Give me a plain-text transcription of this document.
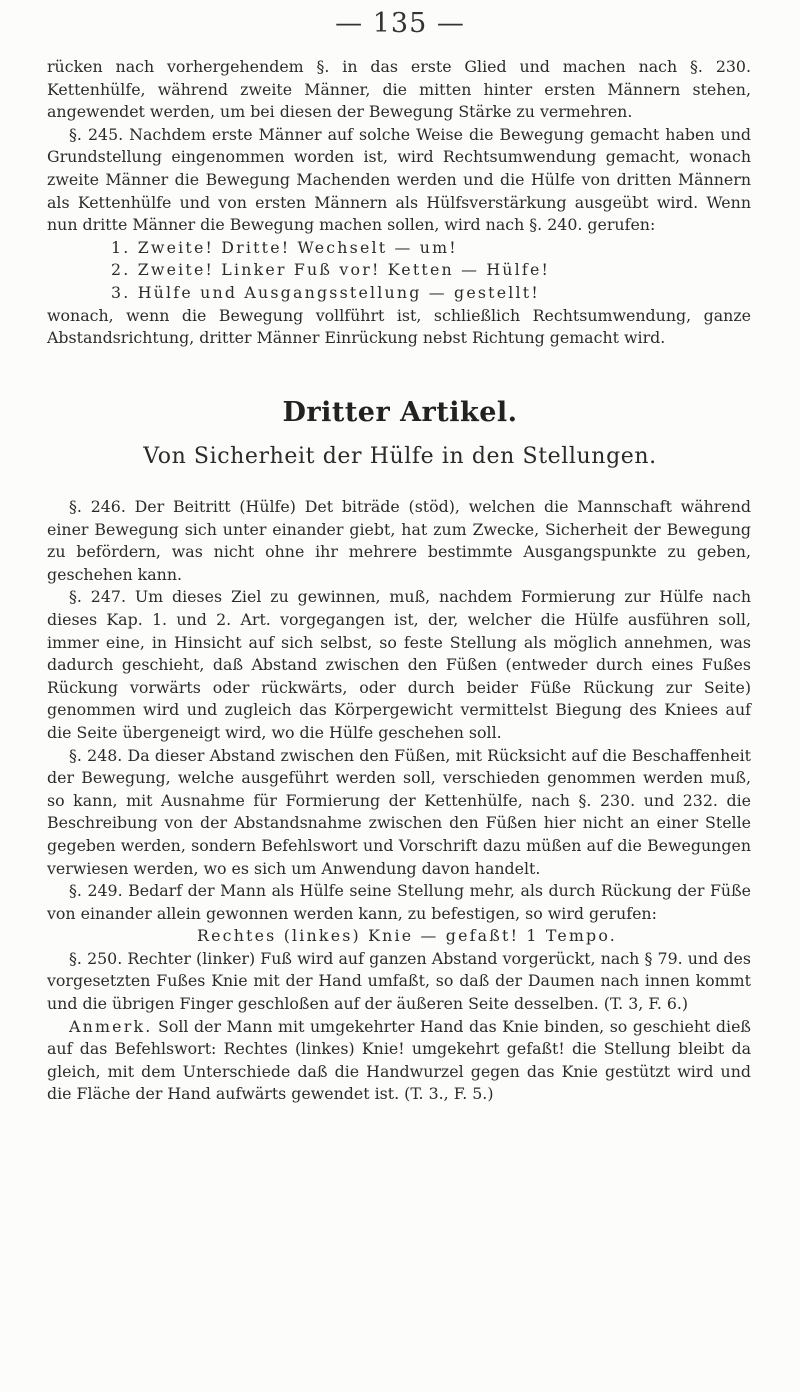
— 135 —

rücken nach vorhergehendem §. in das erste Glied und machen nach §. 230. Kettenhülfe, während zweite Männer, die mitten hinter ersten Männern stehen, angewendet werden, um bei diesen der Bewegung Stärke zu vermehren.

§. 245. Nachdem erste Männer auf solche Weise die Bewegung gemacht haben und Grundstellung eingenommen worden ist, wird Rechtsumwendung gemacht, wonach zweite Männer die Bewegung Machenden werden und die Hülfe von dritten Männern als Kettenhülfe und von ersten Männern als Hülfsverstärkung ausgeübt wird. Wenn nun dritte Männer die Bewegung machen sollen, wird nach §. 240. gerufen:

1. Zweite! Dritte! Wechselt — um!

2. Zweite! Linker Fuß vor! Ketten — Hülfe!

3. Hülfe und Ausgangsstellung — gestellt!

wonach, wenn die Bewegung vollführt ist, schließlich Rechtsumwendung, ganze Abstandsrichtung, dritter Männer Einrückung nebst Richtung gemacht wird.

Dritter Artikel.
Von Sicherheit der Hülfe in den Stellungen.

§. 246. Der Beitritt (Hülfe) Det biträde (stöd), welchen die Mannschaft während einer Bewegung sich unter einander giebt, hat zum Zwecke, Sicherheit der Bewegung zu befördern, was nicht ohne ihr mehrere bestimmte Ausgangspunkte zu geben, geschehen kann.

§. 247. Um dieses Ziel zu gewinnen, muß, nachdem Formierung zur Hülfe nach dieses Kap. 1. und 2. Art. vorgegangen ist, der, welcher die Hülfe ausführen soll, immer eine, in Hinsicht auf sich selbst, so feste Stellung als möglich annehmen, was dadurch geschieht, daß Abstand zwischen den Füßen (entweder durch eines Fußes Rückung vorwärts oder rückwärts, oder durch beider Füße Rückung zur Seite) genommen wird und zugleich das Körpergewicht vermittelst Biegung des Kniees auf die Seite übergeneigt wird, wo die Hülfe geschehen soll.

§. 248. Da dieser Abstand zwischen den Füßen, mit Rücksicht auf die Beschaffenheit der Bewegung, welche ausgeführt werden soll, verschieden genommen werden muß, so kann, mit Ausnahme für Formierung der Kettenhülfe, nach §. 230. und 232. die Beschreibung von der Abstandsnahme zwischen den Füßen hier nicht an einer Stelle gegeben werden, sondern Befehlswort und Vorschrift dazu müßen auf die Bewegungen verwiesen werden, wo es sich um Anwendung davon handelt.

§. 249. Bedarf der Mann als Hülfe seine Stellung mehr, als durch Rückung der Füße von einander allein gewonnen werden kann, zu befestigen, so wird gerufen:

Rechtes (linkes) Knie — gefaßt! 1 Tempo.

§. 250. Rechter (linker) Fuß wird auf ganzen Abstand vorgerückt, nach § 79. und des vorgesetzten Fußes Knie mit der Hand umfaßt, so daß der Daumen nach innen kommt und die übrigen Finger geschloßen auf der äußeren Seite desselben. (T. 3, F. 6.)

Anmerk. Soll der Mann mit umgekehrter Hand das Knie binden, so geschieht dieß auf das Befehlswort: Rechtes (linkes) Knie! umgekehrt gefaßt! die Stellung bleibt da gleich, mit dem Unterschiede daß die Handwurzel gegen das Knie gestützt wird und die Fläche der Hand aufwärts gewendet ist. (T. 3., F. 5.)
